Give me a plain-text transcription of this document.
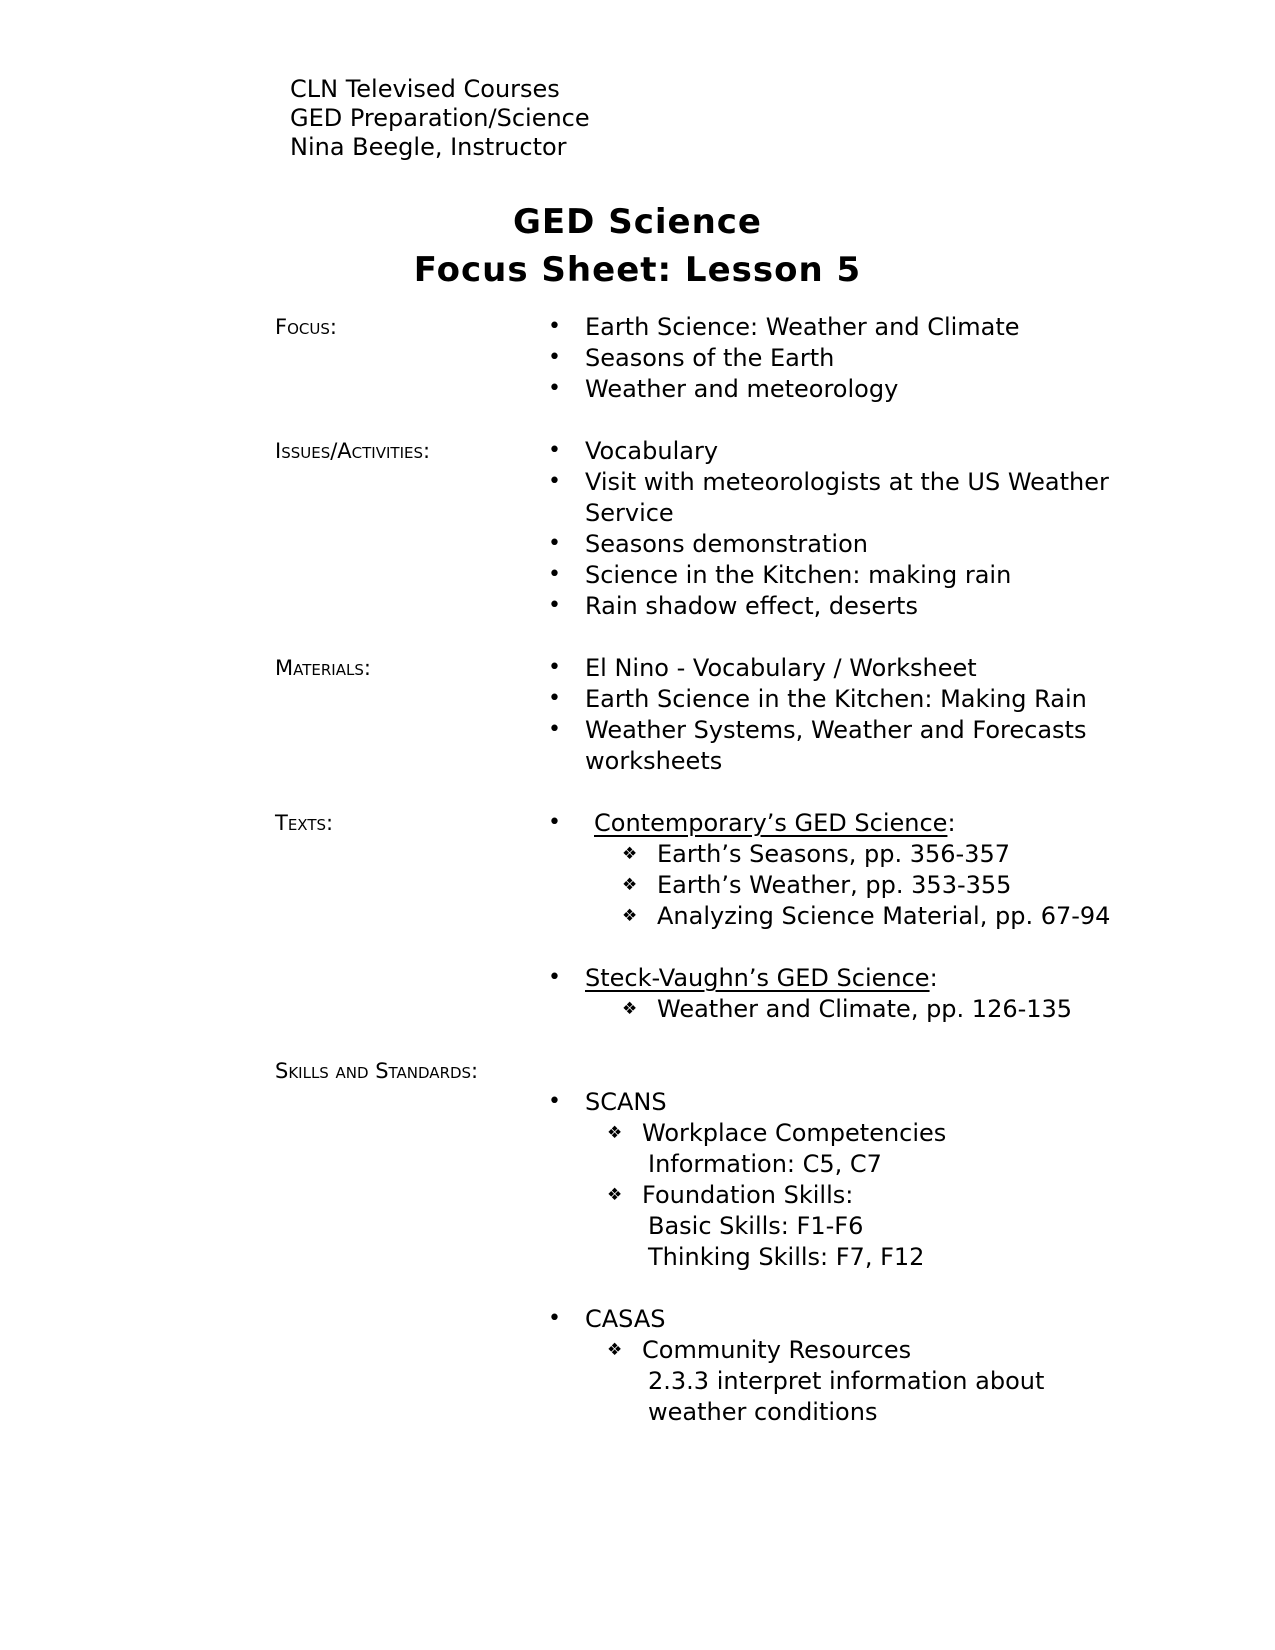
CLN Televised Courses
GED Preparation/Science
Nina Beegle, Instructor
GED Science
Focus Sheet: Lesson 5
Focus:	• Earth Science: Weather and Climate
• Seasons of the Earth
• Weather and meteorology
Issues/Activities:	• Vocabulary
• Visit with meteorologists at the US Weather
Service
• Seasons demonstration
• Science in the Kitchen: making rain
• Rain shadow effect, deserts
Materials:	• El Nino - Vocabulary / Worksheet
• Earth Science in the Kitchen: Making Rain
• Weather Systems, Weather and Forecasts
worksheets
Texts:	• Contemporary’s GED Science:
❖ Earth’s Seasons, pp. 356-357
❖ Earth’s Weather, pp. 353-355
❖ Analyzing Science Material, pp. 67-94
• Steck-Vaughn’s GED Science:
❖ Weather and Climate, pp. 126-135
Skills and Standards:
• SCANS
❖ Workplace Competencies
Information: C5, C7
❖ Foundation Skills:
Basic Skills: F1-F6
Thinking Skills: F7, F12
• CASAS
❖ Community Resources
2.3.3 interpret information about
weather conditions
